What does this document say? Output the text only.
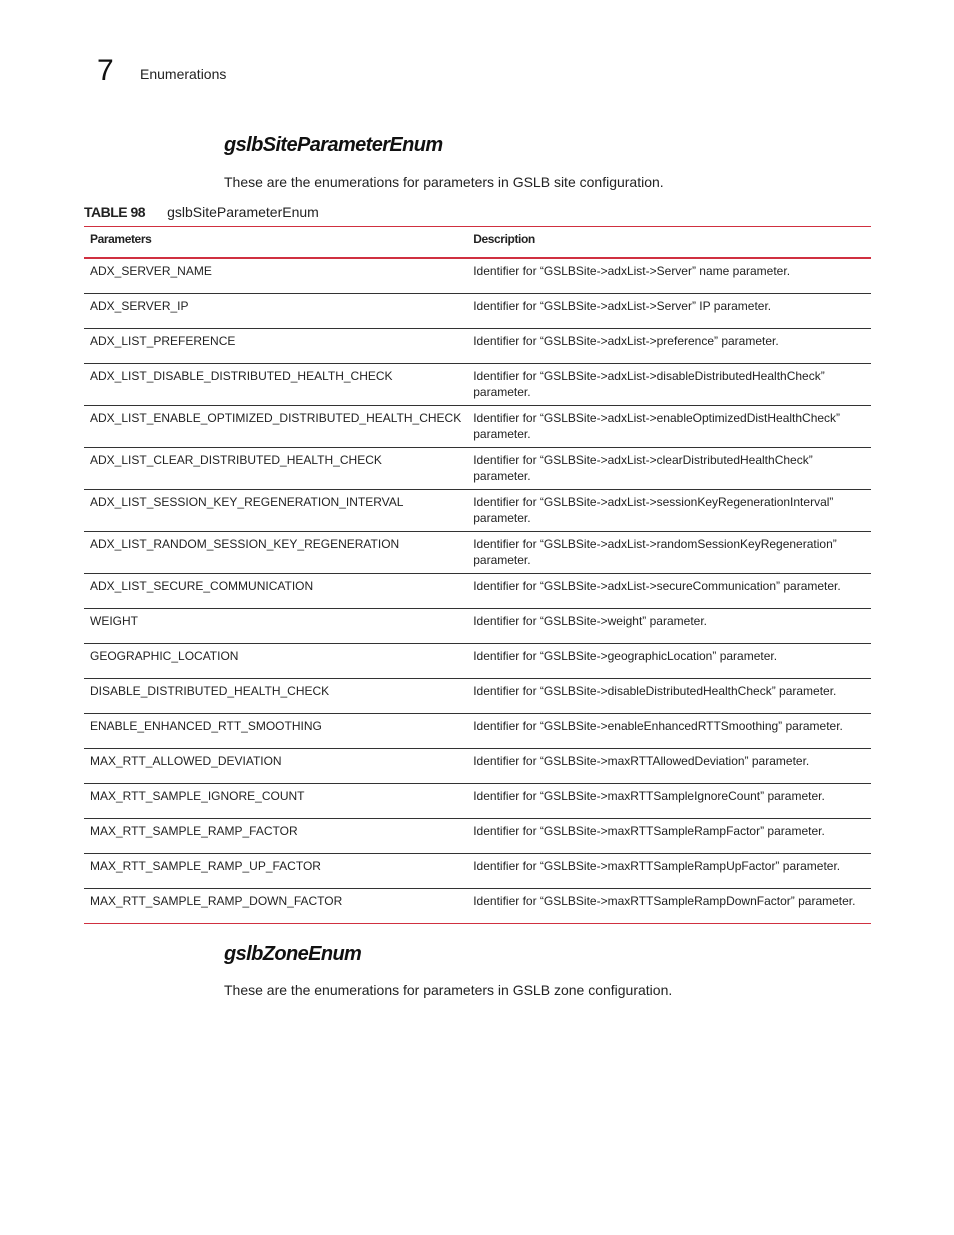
7 Enumerations
gslbSiteParameterEnum
These are the enumerations for parameters in GSLB site configuration.
TABLE 98 gslbSiteParameterEnum
Parameters	Description
ADX_SERVER_NAME	Identifier for “GSLBSite->adxList->Server” name parameter.
ADX_SERVER_IP	Identifier for “GSLBSite->adxList->Server” IP parameter.
ADX_LIST_PREFERENCE	Identifier for “GSLBSite->adxList->preference” parameter.
ADX_LIST_DISABLE_DISTRIBUTED_HEALTH_CHECK	Identifier for “GSLBSite->adxList->disableDistributedHealthCheck” parameter.
ADX_LIST_ENABLE_OPTIMIZED_DISTRIBUTED_HEALTH_CHECK	Identifier for “GSLBSite->adxList->enableOptimizedDistHealthCheck” parameter.
ADX_LIST_CLEAR_DISTRIBUTED_HEALTH_CHECK	Identifier for “GSLBSite->adxList->clearDistributedHealthCheck” parameter.
ADX_LIST_SESSION_KEY_REGENERATION_INTERVAL	Identifier for “GSLBSite->adxList->sessionKeyRegenerationInterval” parameter.
ADX_LIST_RANDOM_SESSION_KEY_REGENERATION	Identifier for “GSLBSite->adxList->randomSessionKeyRegeneration” parameter.
ADX_LIST_SECURE_COMMUNICATION	Identifier for “GSLBSite->adxList->secureCommunication” parameter.
WEIGHT	Identifier for “GSLBSite->weight” parameter.
GEOGRAPHIC_LOCATION	Identifier for “GSLBSite->geographicLocation” parameter.
DISABLE_DISTRIBUTED_HEALTH_CHECK	Identifier for “GSLBSite->disableDistributedHealthCheck” parameter.
ENABLE_ENHANCED_RTT_SMOOTHING	Identifier for “GSLBSite->enableEnhancedRTTSmoothing” parameter.
MAX_RTT_ALLOWED_DEVIATION	Identifier for “GSLBSite->maxRTTAllowedDeviation” parameter.
MAX_RTT_SAMPLE_IGNORE_COUNT	Identifier for “GSLBSite->maxRTTSampleIgnoreCount” parameter.
MAX_RTT_SAMPLE_RAMP_FACTOR	Identifier for “GSLBSite->maxRTTSampleRampFactor” parameter.
MAX_RTT_SAMPLE_RAMP_UP_FACTOR	Identifier for “GSLBSite->maxRTTSampleRampUpFactor” parameter.
MAX_RTT_SAMPLE_RAMP_DOWN_FACTOR	Identifier for “GSLBSite->maxRTTSampleRampDownFactor” parameter.
gslbZoneEnum
These are the enumerations for parameters in GSLB zone configuration.
